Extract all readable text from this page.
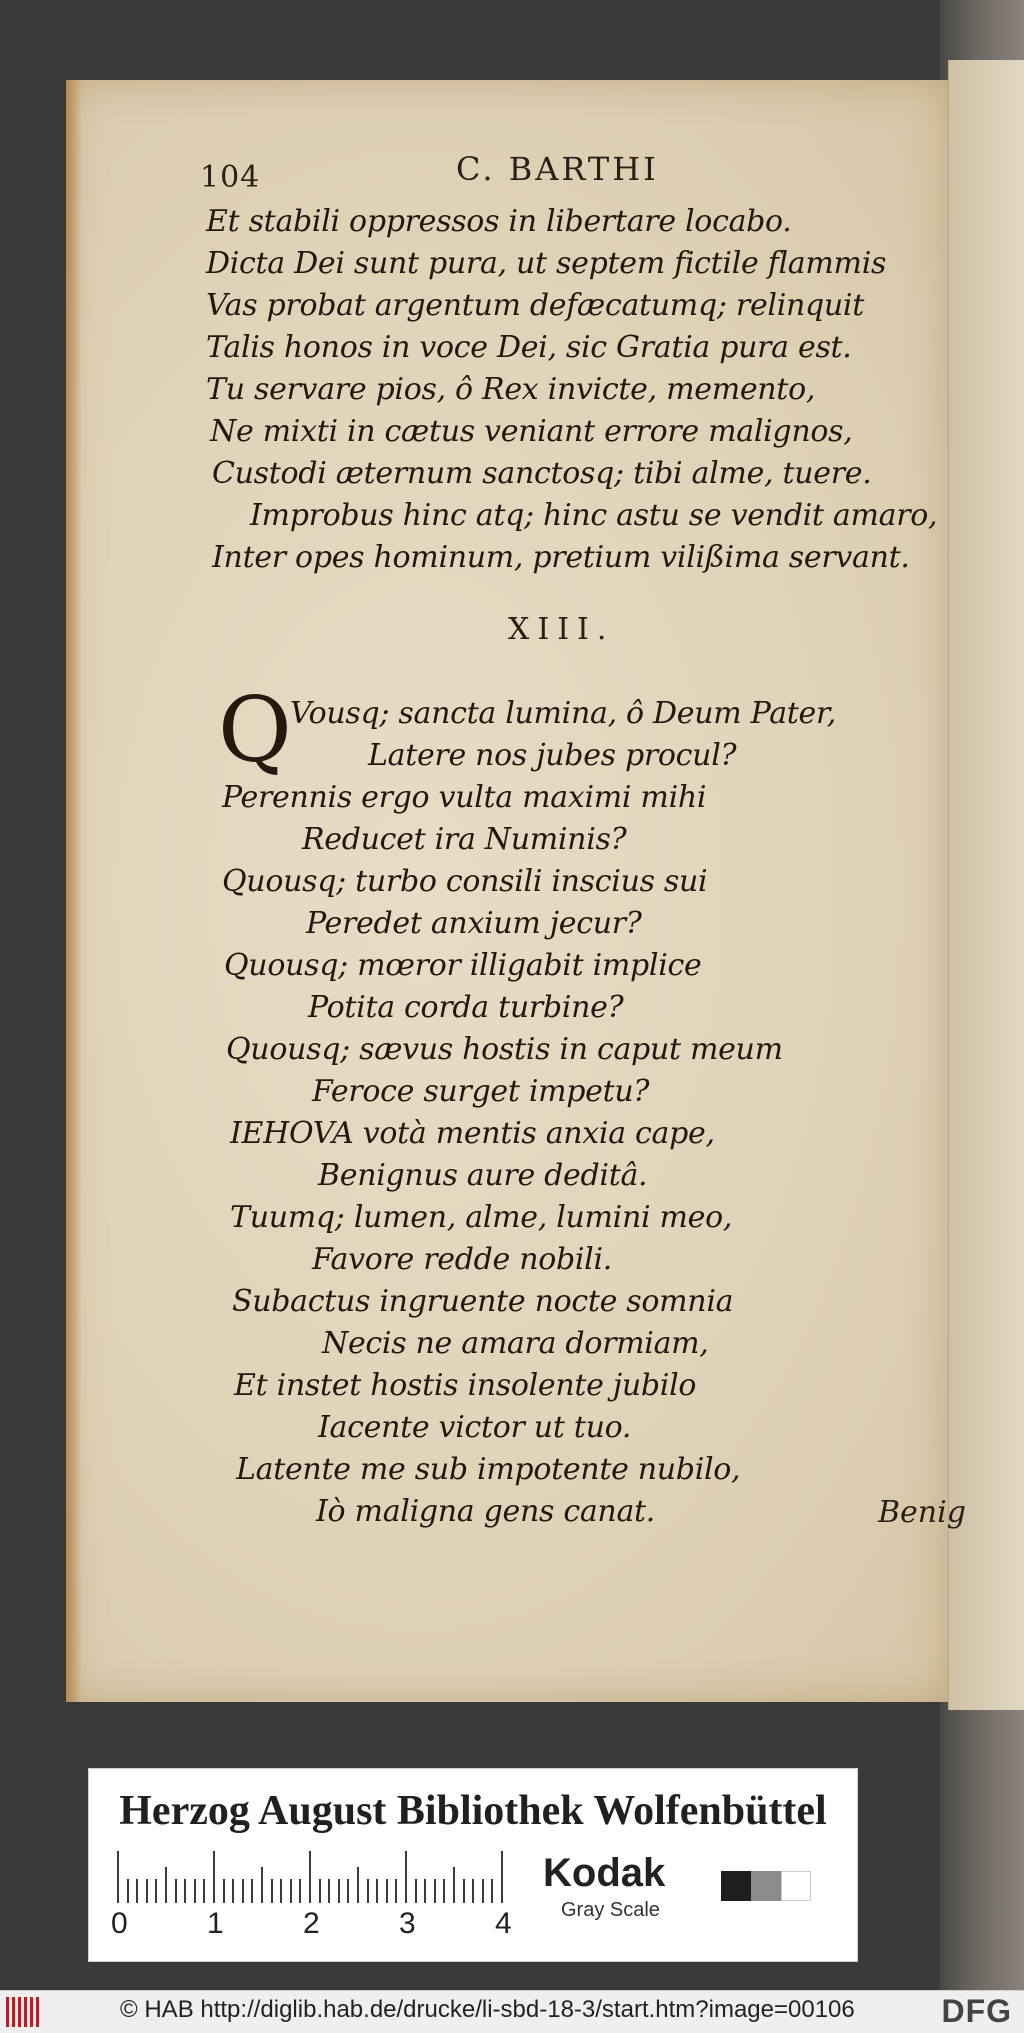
Benig
104	C. BARTHI
Et stabili oppressos in libertare locabo.
Dicta Dei sunt pura, ut septem fictile flammis
Vas probat argentum defæcatumq; relinquit
Talis honos in voce Dei, sic Gratia pura est.
Tu servare pios, ô Rex invicte, memento,
Ne mixti in cætus veniant errore malignos,
Custodi æternum sanctosq; tibi alme, tuere.
Improbus hinc atq; hinc astu se vendit amaro,
Inter opes hominum, pretium vilißima servant.
XIII.
Q
Vousq; sancta lumina, ô Deum Pater,
Latere nos jubes procul?
Perennis ergo vulta maximi mihi
Reducet ira Numinis?
Quousq; turbo consili inscius sui
Peredet anxium jecur?
Quousq; mœror illigabit implice
Potita corda turbine?
Quousq; sævus hostis in caput meum
Feroce surget impetu?
IEHOVA votà mentis anxia cape,
Benignus aure deditâ.
Tuumq; lumen, alme, lumini meo,
Favore redde nobili.
Subactus ingruente nocte somnia
Necis ne amara dormiam,
Et instet hostis insolente jubilo
Iacente victor ut tuo.
Latente me sub impotente nubilo,
Iò maligna gens canat.
Herzog August Bibliothek Wolfenbüttel
0	1	2	3	4
Kodak
Gray Scale
© HAB http://diglib.hab.de/drucke/li-sbd-18-3/start.htm?image=00106	DFG
